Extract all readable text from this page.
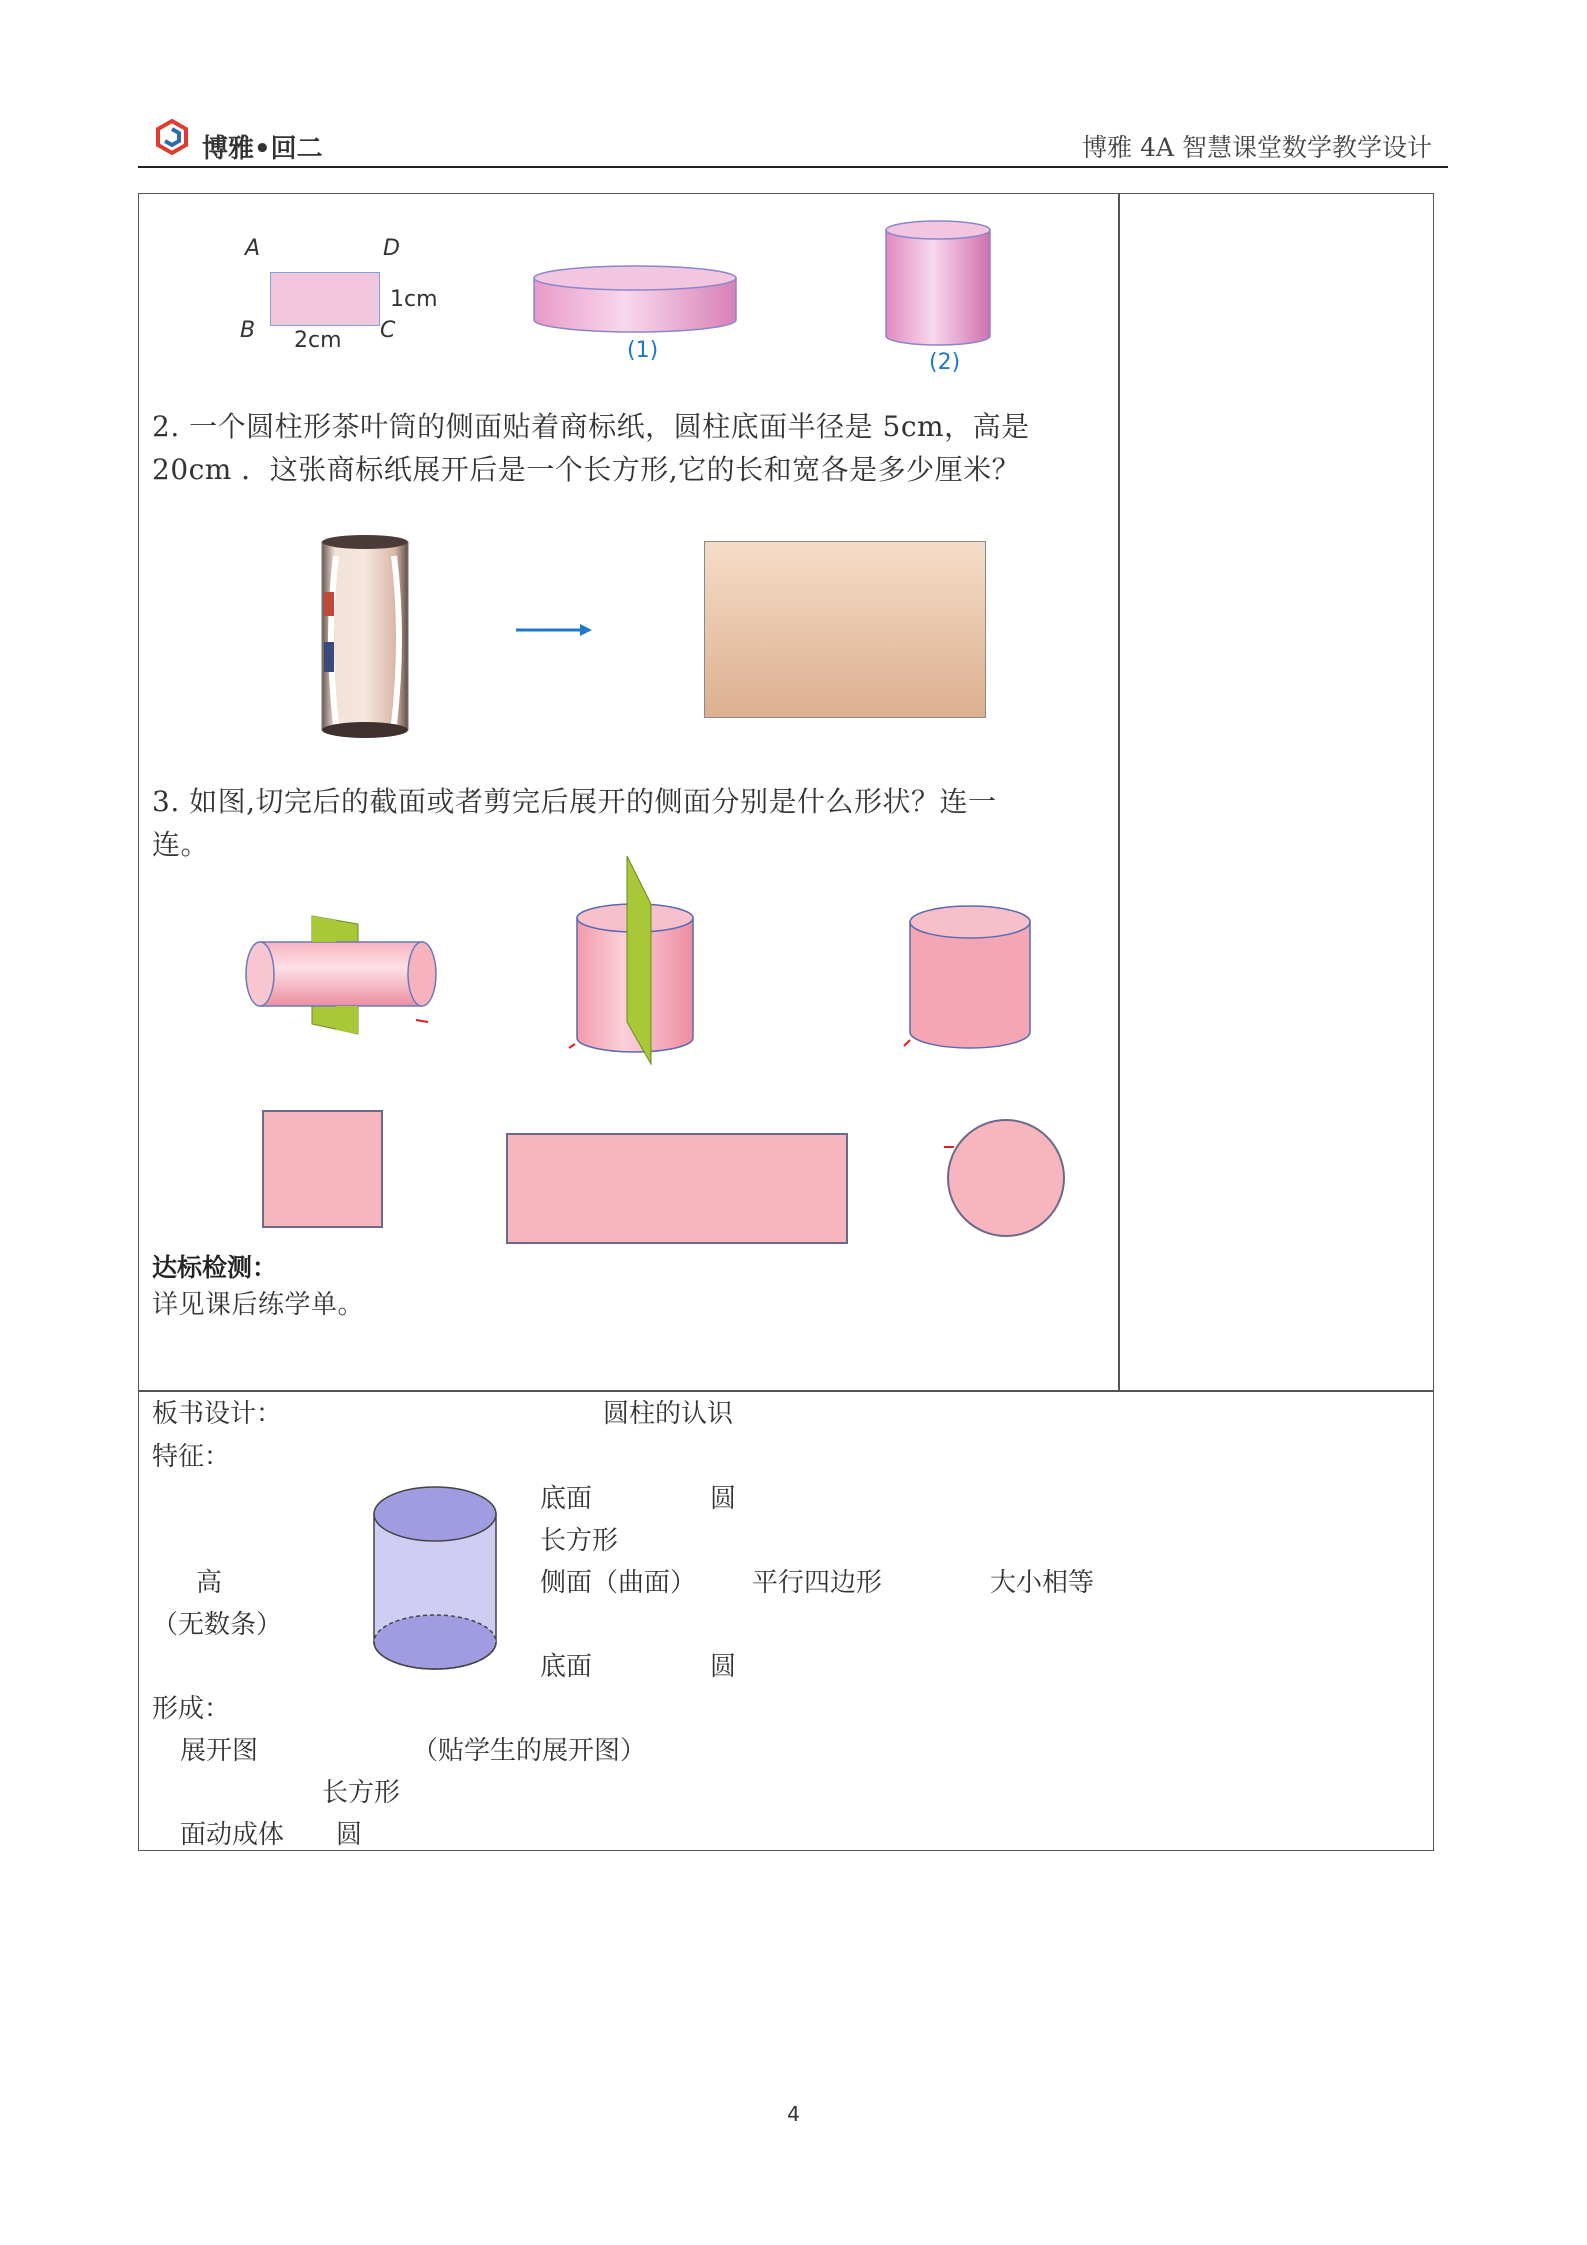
博雅•回二	博雅 4A 智慧课堂数学教学设计
A	D
1cm
B 2cm C
(1)	(2)
2. 一个圆柱形茶叶筒的侧面贴着商标纸，圆柱底面半径是 5cm，高是
20cm ．这张商标纸展开后是一个长方形,它的长和宽各是多少厘米？
3. 如图,切完后的截面或者剪完后展开的侧面分别是什么形状？连一
连。
达标检测：
详见课后练学单。
板书设计：	圆柱的认识
特征：
底面	圆
长方形
侧面（曲面） 平行四边形	大小相等
高
（无数条）
底面	圆
形成：
展开图	（贴学生的展开图）
长方形
面动成体 圆
4
